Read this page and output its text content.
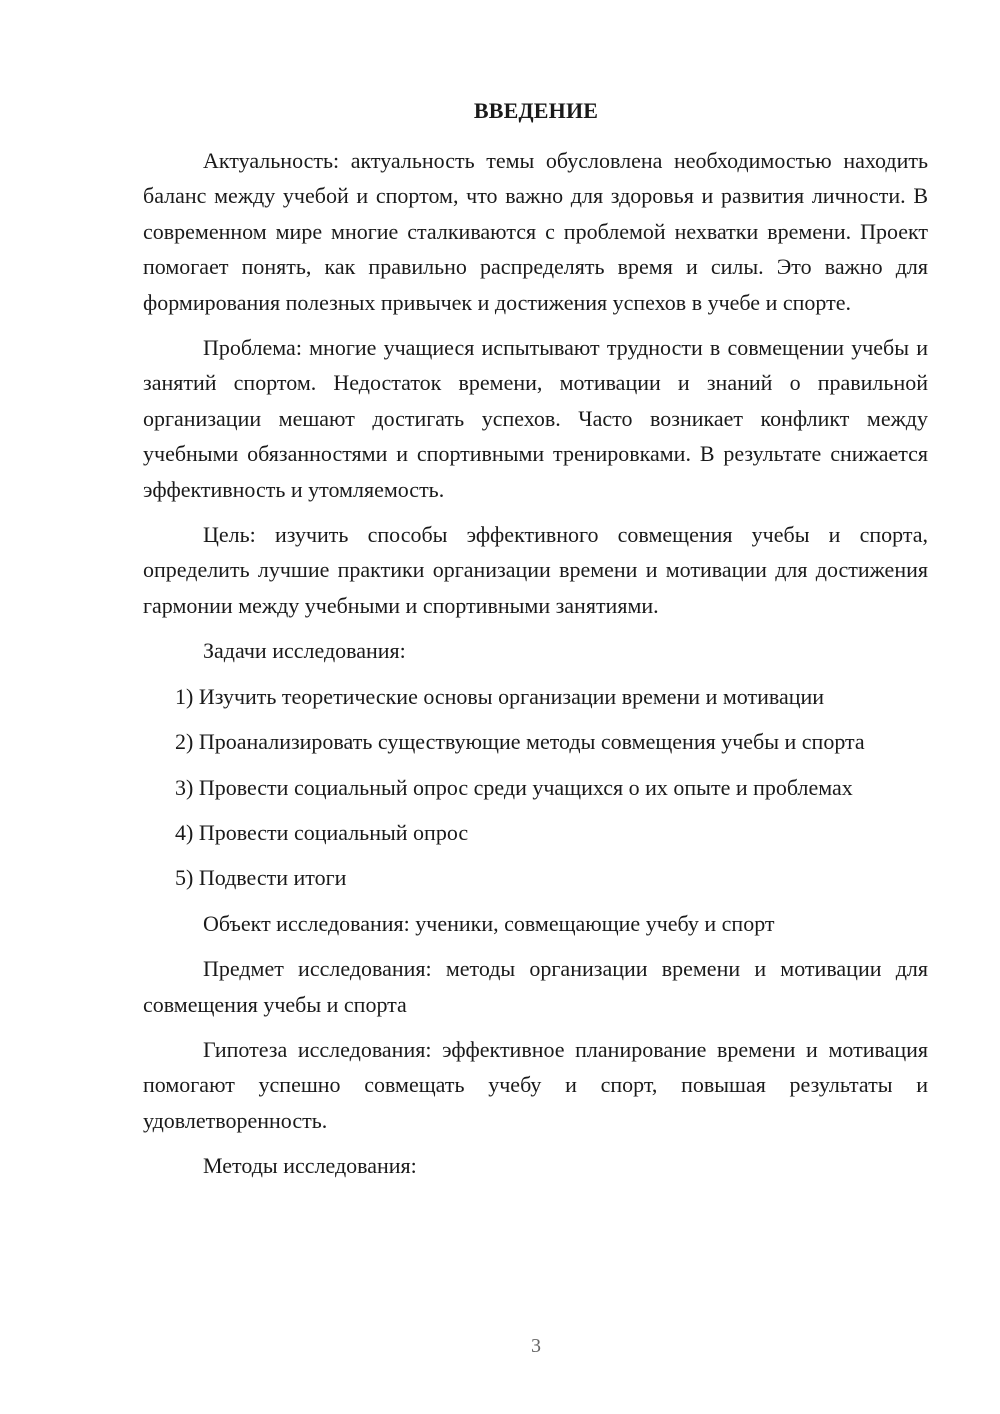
ВВЕДЕНИЕ

Актуальность: актуальность темы обусловлена необходимостью находить баланс между учебой и спортом, что важно для здоровья и развития личности. В современном мире многие сталкиваются с проблемой нехватки времени. Проект помогает понять, как правильно распределять время и силы. Это важно для формирования полезных привычек и достижения успехов в учебе и спорте.

Проблема: многие учащиеся испытывают трудности в совмещении учебы и занятий спортом. Недостаток времени, мотивации и знаний о правильной организации мешают достигать успехов. Часто возникает конфликт между учебными обязанностями и спортивными тренировками. В результате снижается эффективность и утомляемость.

Цель: изучить способы эффективного совмещения учебы и спорта, определить лучшие практики организации времени и мотивации для достижения гармонии между учебными и спортивными занятиями.

Задачи исследования:

1) Изучить теоретические основы организации времени и мотивации

2) Проанализировать существующие методы совмещения учебы и спорта

3) Провести социальный опрос среди учащихся о их опыте и проблемах

4) Провести социальный опрос

5) Подвести итоги

Объект исследования: ученики, совмещающие учебу и спорт

Предмет исследования: методы организации времени и мотивации для совмещения учебы и спорта

Гипотеза исследования: эффективное планирование времени и мотивация помогают успешно совмещать учебу и спорт, повышая результаты и удовлетворенность.

Методы исследования:

3
